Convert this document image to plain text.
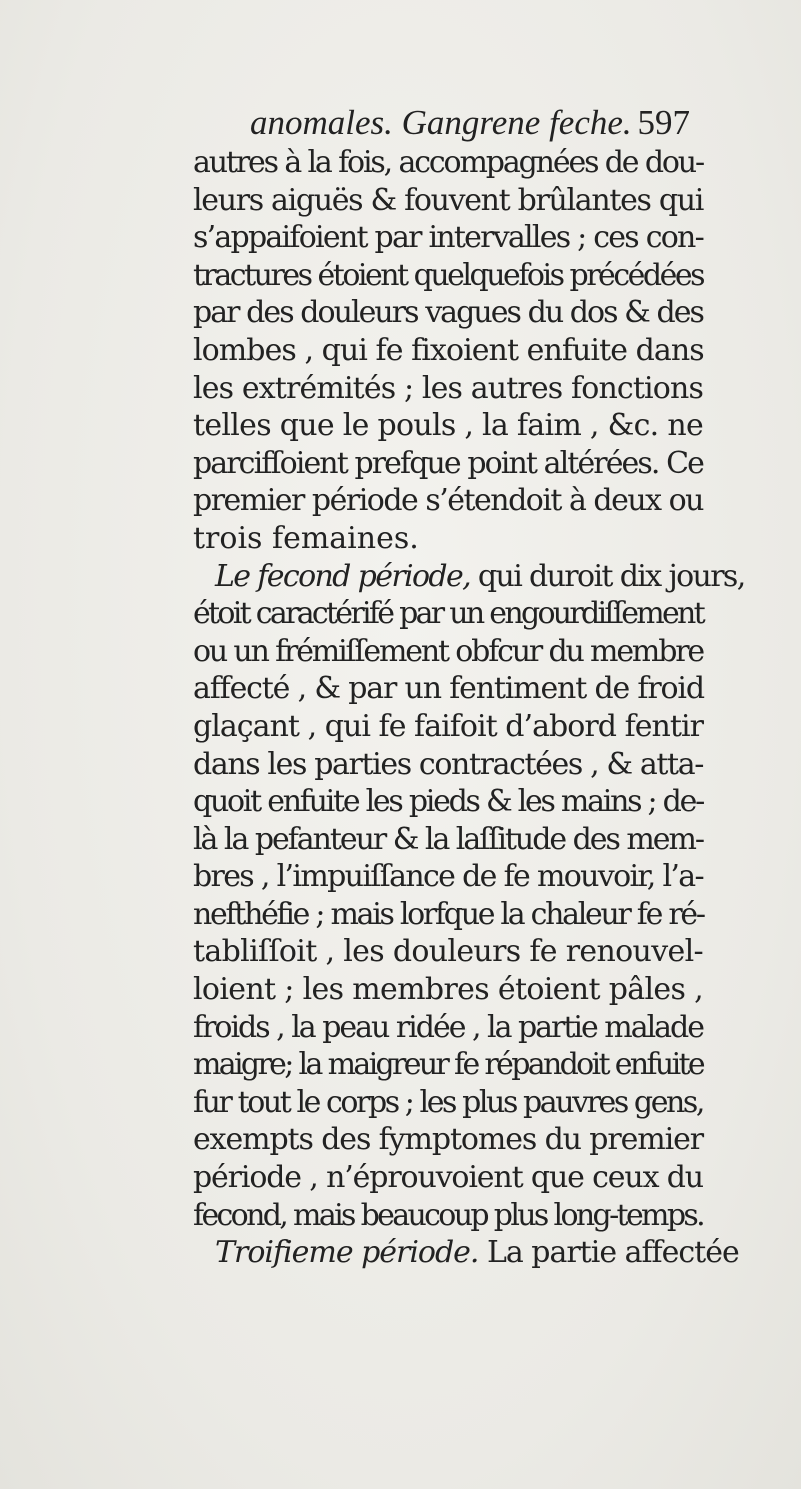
anomales. Gangrene feche. 597
autres à la fois, accompagnées de dou-
leurs aiguës & fouvent brûlantes qui
s’appaifoient par intervalles ; ces con-
tractures étoient quelquefois précédées
par des douleurs vagues du dos & des
lombes , qui fe fixoient enfuite dans
les extrémités ; les autres fonctions
telles que le pouls , la faim , &c. ne
parcifſoient prefque point altérées. Ce
premier période s’étendoit à deux ou
trois femaines.
Le fecond période, qui duroit dix jours,
étoit caractérifé par un engourdiſſement
ou un frémiſſement obfcur du membre
affecté , & par un fentiment de froid
glaçant , qui fe faifoit d’abord fentir
dans les parties contractées , & atta-
quoit enfuite les pieds & les mains ; de-
là la pefanteur & la laſſitude des mem-
bres , l’impuiſſance de fe mouvoir, l’a-
nefthéfie ; mais lorfque la chaleur fe ré-
tabliſſoit , les douleurs fe renouvel-
loient ; les membres étoient pâles ,
froids , la peau ridée , la partie malade
maigre; la maigreur fe répandoit enfuite
fur tout le corps ; les plus pauvres gens,
exempts des fymptomes du premier
période , n’éprouvoient que ceux du
fecond, mais beaucoup plus long-temps.
Troifieme période. La partie affectée
